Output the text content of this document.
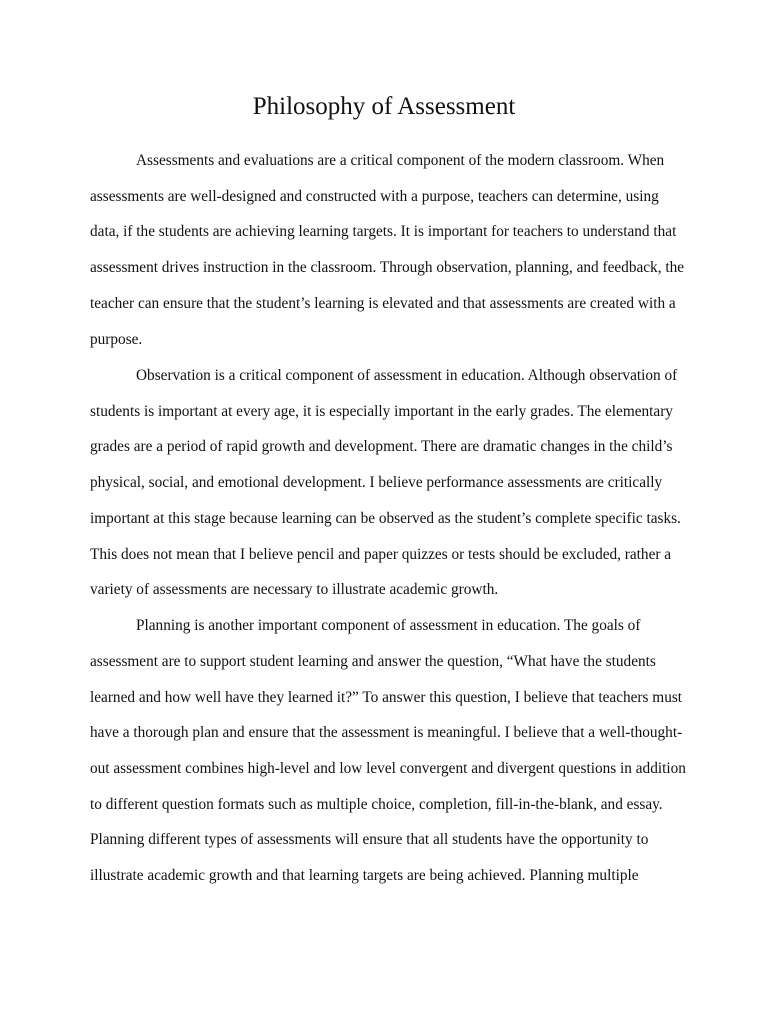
Philosophy of Assessment

Assessments and evaluations are a critical component of the modern classroom. When

assessments are well-designed and constructed with a purpose, teachers can determine, using

data, if the students are achieving learning targets. It is important for teachers to understand that

assessment drives instruction in the classroom. Through observation, planning, and feedback, the

teacher can ensure that the student’s learning is elevated and that assessments are created with a

purpose.

Observation is a critical component of assessment in education. Although observation of

students is important at every age, it is especially important in the early grades. The elementary

grades are a period of rapid growth and development. There are dramatic changes in the child’s

physical, social, and emotional development. I believe performance assessments are critically

important at this stage because learning can be observed as the student’s complete specific tasks.

This does not mean that I believe pencil and paper quizzes or tests should be excluded, rather a

variety of assessments are necessary to illustrate academic growth.

Planning is another important component of assessment in education. The goals of

assessment are to support student learning and answer the question, “What have the students

learned and how well have they learned it?” To answer this question, I believe that teachers must

have a thorough plan and ensure that the assessment is meaningful. I believe that a well-thought-

out assessment combines high-level and low level convergent and divergent questions in addition

to different question formats such as multiple choice, completion, fill-in-the-blank, and essay.

Planning different types of assessments will ensure that all students have the opportunity to

illustrate academic growth and that learning targets are being achieved. Planning multiple
